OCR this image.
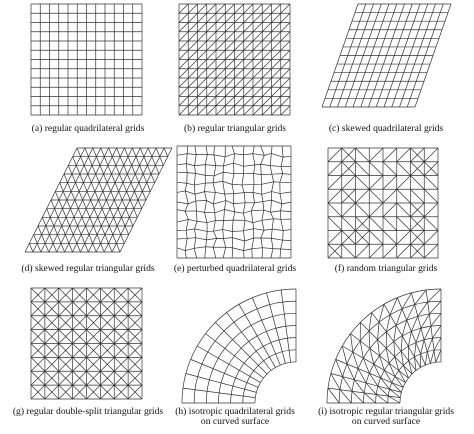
(a) regular quadrilateral grids	(b) regular triangular grids	(c) skewed quadrilateral grids
(d) skewed regular triangular grids (e) perturbed quadrilateral grids	(f) random triangular grids
(g) regular double-split triangular grids (h) isotropic quadrilateral grids
on curved surface
(i) isotropic regular triangular grids
on curved surface
